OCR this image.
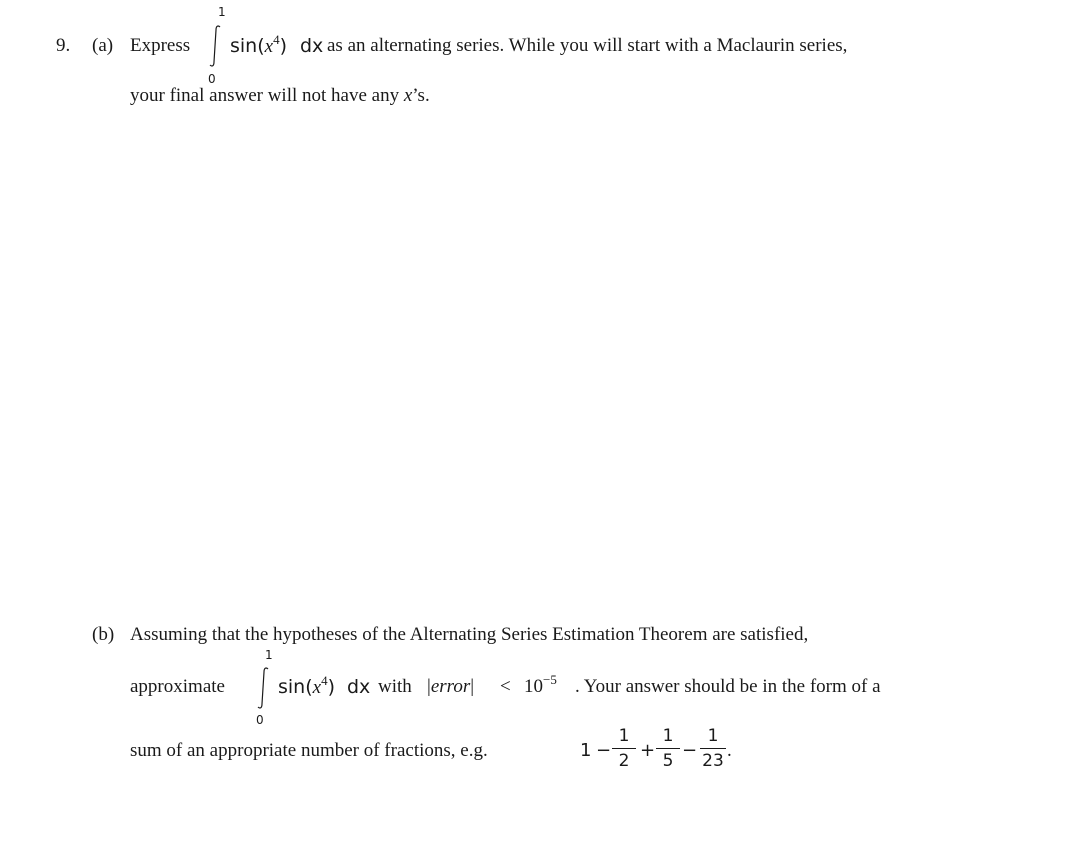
9. (a) Express
1
0
$\sin(x^4)$ dx as an alternating series. While you will start with a Maclaurin series,
your final answer will not have any x’s.
(b) Assuming that the hypotheses of the Alternating Series Estimation Theorem are satisfied,
approximate
1
0
$\sin(x^4)$ dx with |error| < $10^{-5}$ . Your answer should be in the form of a
sum of an appropriate number of fractions, e.g.	1 −
1
2 +
1
5 −
1
23 .
